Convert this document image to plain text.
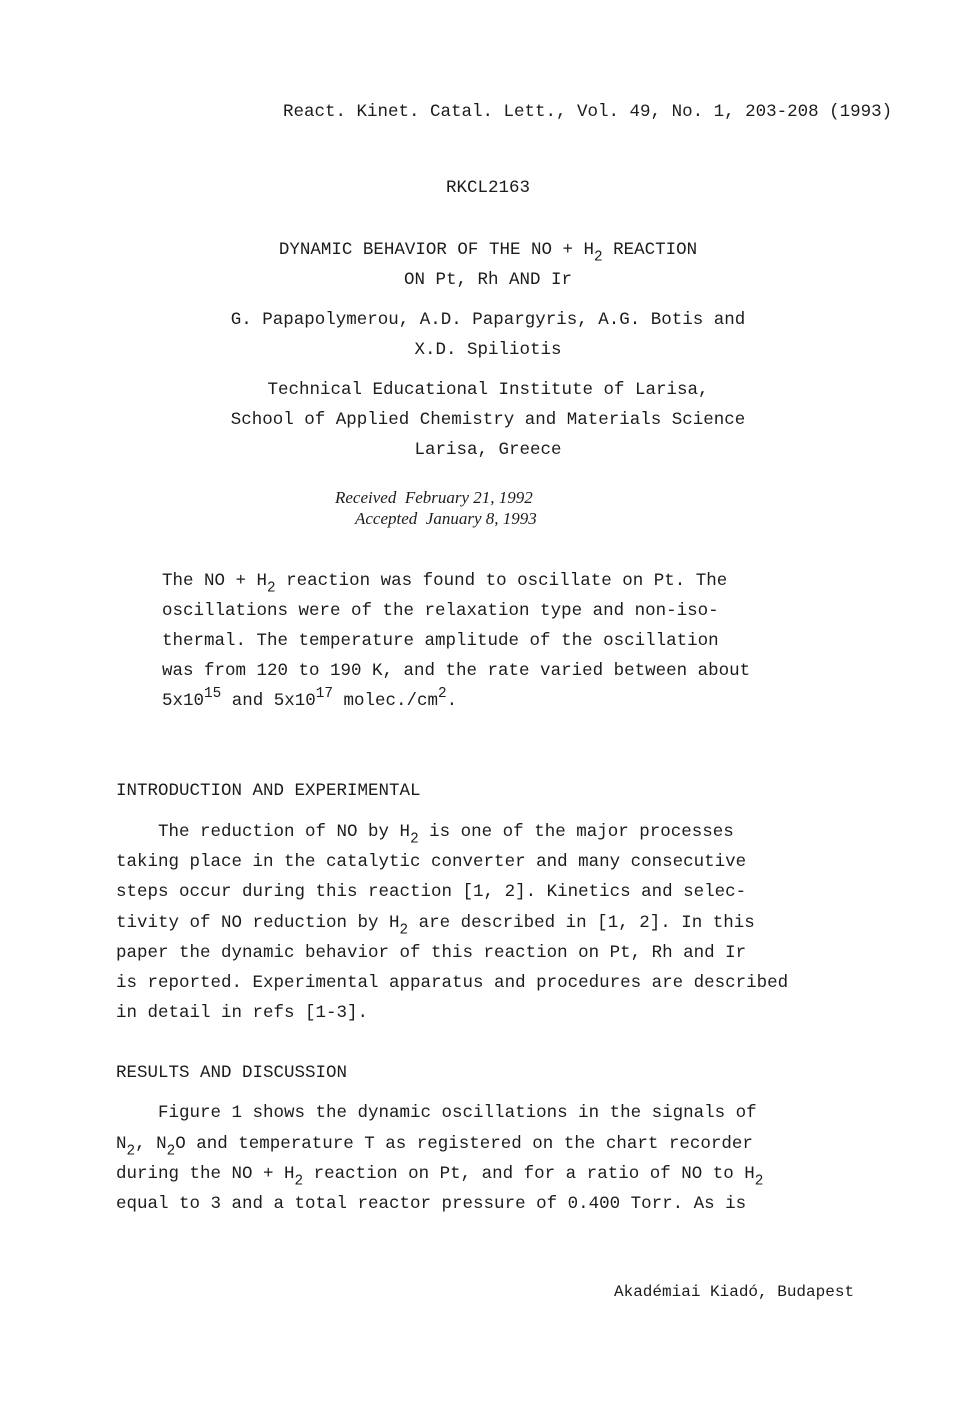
React. Kinet. Catal. Lett., Vol. 49, No. 1, 203-208 (1993)
RKCL2163
DYNAMIC BEHAVIOR OF THE NO + $H_2$ REACTION
ON Pt, Rh AND Ir
G. Papapolymerou, A.D. Papargyris, A.G. Botis and
X.D. Spiliotis
Technical Educational Institute of Larisa,
School of Applied Chemistry and Materials Science
Larisa, Greece
Received  February 21, 1992
Accepted  January 8, 1993
The NO + $H_2$ reaction was found to oscillate on Pt. The
oscillations were of the relaxation type and non-iso-
thermal. The temperature amplitude of the oscillation
was from 120 to 190 K, and the rate varied between about
$5x10^{15}$ and $5x10^{17}$ $molec./cm^2$.
INTRODUCTION AND EXPERIMENTAL
The reduction of NO by $H_2$ is one of the major processes
taking place in the catalytic converter and many consecutive
steps occur during this reaction [1, 2]. Kinetics and selec-
tivity of NO reduction by $H_2$ are described in [1, 2]. In this
paper the dynamic behavior of this reaction on Pt, Rh and Ir
is reported. Experimental apparatus and procedures are described
in detail in refs [1-3].
RESULTS AND DISCUSSION
Figure 1 shows the dynamic oscillations in the signals of
$N_2$, $N_2O$ and temperature T as registered on the chart recorder
during the NO + $H_2$ reaction on Pt, and for a ratio of NO to $H_2$
equal to 3 and a total reactor pressure of 0.400 Torr. As is
Akadémiai Kiadó, Budapest
